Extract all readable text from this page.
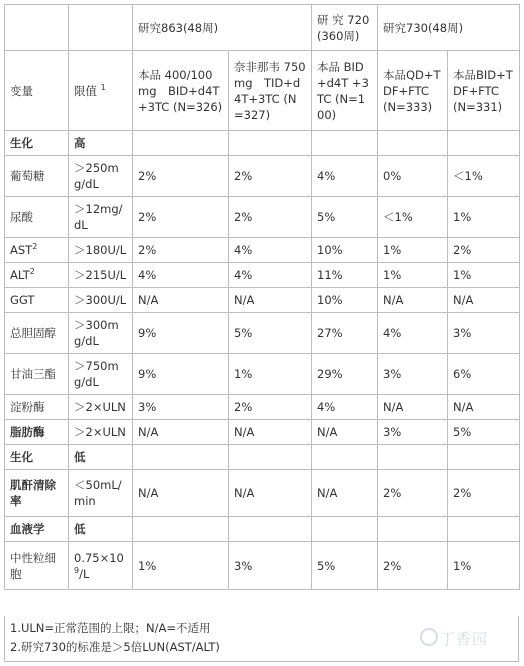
		研究863(48周)		研 究 720 (360周)	研究730(48周)	
变量	限值 $^1$	本品 400/100mg　BID+d4T+3TC (N=326)	奈非那韦 750mg　TID+d4T+3TC (N=327)	本品 BID+d4T +3TC (N=100)	本品QD+TDF+FTC (N=333)	本品BID+TDF+FTC (N=331)
生化	高					
葡萄糖	＞250mg/dL	2%	2%	4%	0%	＜1%
尿酸	＞12mg/dL	2%	2%	5%	＜1%	1%
$AST^2$	＞180U/L	2%	4%	10%	1%	2%
$ALT^2$	＞215U/L	4%	4%	11%	1%	1%
GGT	＞300U/L	N/A	N/A	10%	N/A	N/A
总胆固醇	＞300mg/dL	9%	5%	27%	4%	3%
甘油三酯	＞750mg/dL	9%	1%	29%	3%	6%
淀粉酶	＞2×ULN	3%	2%	4%	N/A	N/A
脂肪酶	＞2×ULN	N/A	N/A	N/A	3%	5%
生化	低					
肌酐清除率	＜50mL/min	N/A	N/A	N/A	2%	2%
血液学	低					
中性粒细胞	$0.75\times 10^9/L$	1%	3%	5%	2%	1%
1.ULN=正常范围的上限；N/A=不适用
2.研究730的标准是＞5倍LUN(AST/ALT)	丁香园
